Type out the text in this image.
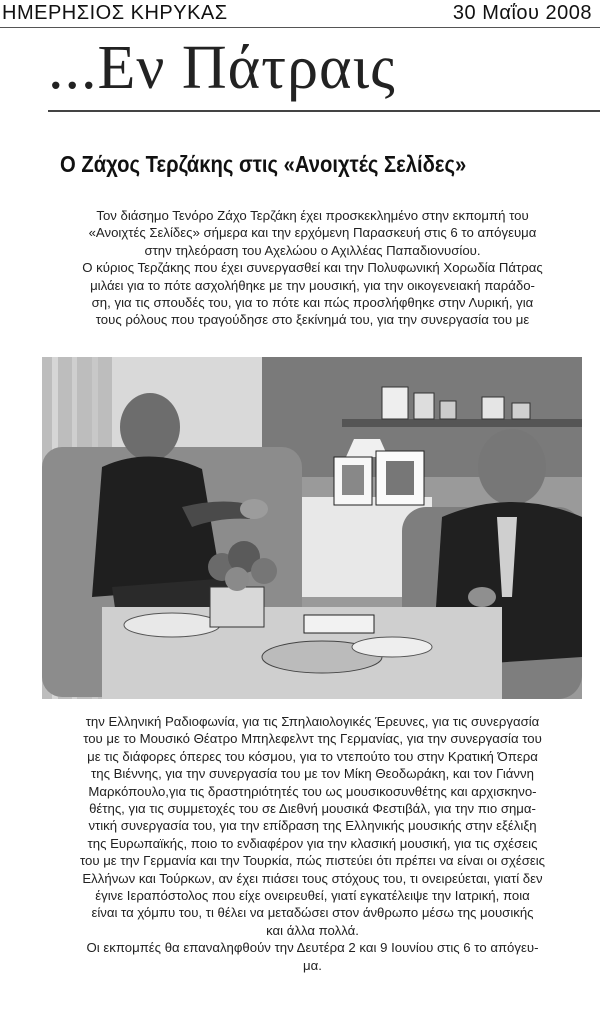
ΗΜΕΡΗΣΙΟΣ ΚΗΡΥΚΑΣ	30 Μαΐου 2008
...Εν Πάτραις
Ο Ζάχος Τερζάκης στις «Ανοιχτές Σελίδες»
Τον διάσημο Τενόρο Ζάχο Τερζάκη έχει προσκεκλημένο στην εκπομπή του
«Ανοιχτές Σελίδες» σήμερα και την ερχόμενη Παρασκευή στις 6 το απόγευμα
στην τηλεόραση του Αχελώου ο Αχιλλέας Παπαδιονυσίου.
Ο κύριος Τερζάκης που έχει συνεργασθεί και την Πολυφωνική Χορωδία Πάτρας
μιλάει για το πότε ασχολήθηκε με την μουσική, για την οικογενειακή παράδο-
ση, για τις σπουδές του, για το πότε και πώς προσλήφθηκε στην Λυρική, για
τους ρόλους που τραγούδησε στο ξεκίνημά του, για την συνεργασία του με
την Ελληνική Ραδιοφωνία, για τις Σπηλαιολογικές Έρευνες, για τις συνεργασία
του με το Μουσικό Θέατρο Μπηλεφελντ της Γερμανίας, για την συνεργασία του
με τις διάφορες όπερες του κόσμου, για το ντεπούτο του στην Κρατική Όπερα
της Βιέννης, για την συνεργασία του με τον Μίκη Θεοδωράκη, και τον Γιάννη
Μαρκόπουλο,για τις δραστηριότητές του ως μουσικοσυνθέτης και αρχισκηνο-
θέτης, για τις συμμετοχές του σε Διεθνή μουσικά Φεστιβάλ, για την πιο σημα-
ντική συνεργασία του, για την επίδραση της Ελληνικής μουσικής στην εξέλιξη
της Ευρωπαϊκής, ποιο το ενδιαφέρον για την κλασική μουσική, για τις σχέσεις
του με την Γερμανία και την Τουρκία, πώς πιστεύει ότι πρέπει να είναι οι σχέσεις
Ελλήνων και Τούρκων, αν έχει πιάσει τους στόχους του, τι ονειρεύεται, γιατί δεν
έγινε Ιεραπόστολος που είχε ονειρευθεί, γιατί εγκατέλειψε την Ιατρική, ποια
είναι τα χόμπυ του, τι θέλει να μεταδώσει στον άνθρωπο μέσω της μουσικής
και άλλα πολλά.
Οι εκπομπές θα επαναληφθούν την Δευτέρα 2 και 9 Ιουνίου στις 6 το απόγευ-
μα.
